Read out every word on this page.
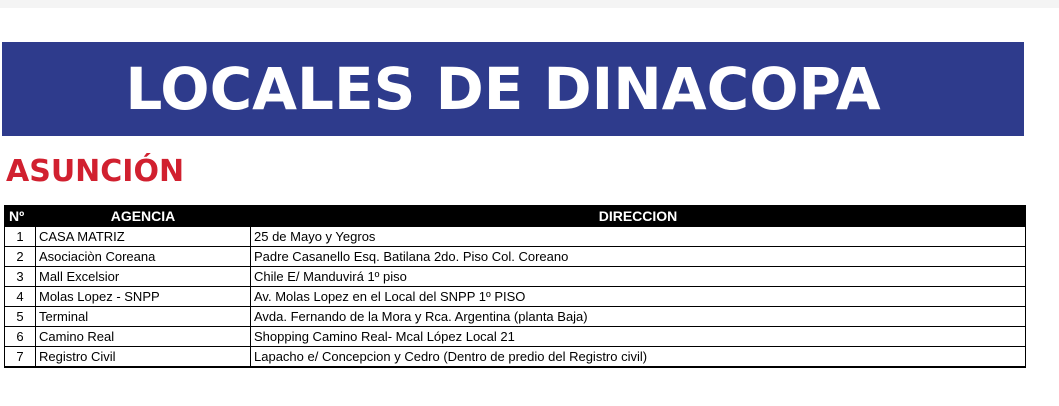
LOCALES DE DINACOPA
ASUNCIÓN
Nº	AGENCIA	DIRECCION
1	CASA MATRIZ	25 de Mayo y Yegros
2	Asociaciòn Coreana	Padre Casanello Esq. Batilana 2do. Piso Col. Coreano
3	Mall Excelsior	Chile E/ Manduvirá 1º piso
4	Molas Lopez - SNPP	Av. Molas Lopez en el Local del SNPP 1º PISO
5	Terminal	Avda. Fernando de la Mora y Rca. Argentina (planta Baja)
6	Camino Real	Shopping Camino Real- Mcal López Local 21
7	Registro Civil	Lapacho e/ Concepcion y Cedro (Dentro de predio del Registro civil)
